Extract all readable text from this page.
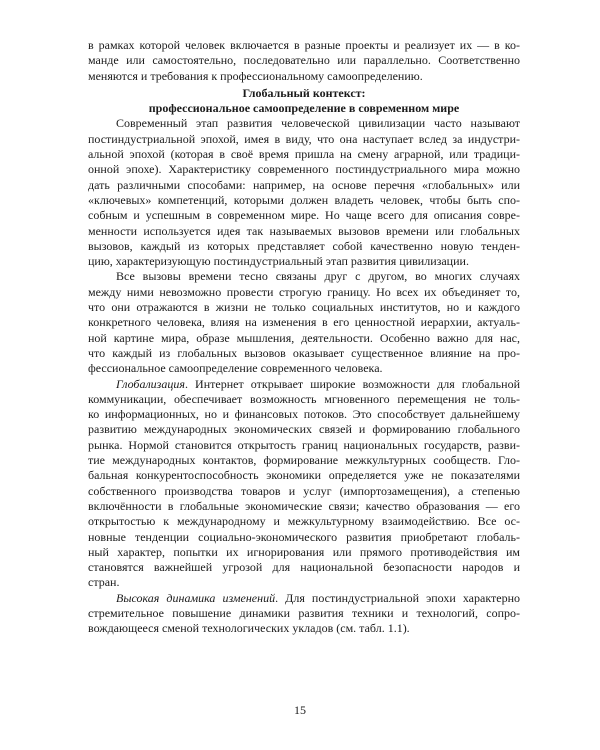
в рамках которой человек включается в разные проекты и реализует их — в ко-
манде или самостоятельно, последовательно или параллельно. Соответственно
меняются и требования к профессиональному самоопределению.
Глобальный контекст:
профессиональное самоопределение в современном мире
Современный этап развития человеческой цивилизации часто называют
постиндустриальной эпохой, имея в виду, что она наступает вслед за индустри-
альной эпохой (которая в своё время пришла на смену аграрной, или традици-
онной эпохе). Характеристику современного постиндустриального мира можно
дать различными способами: например, на основе перечня «глобальных» или
«ключевых» компетенций, которыми должен владеть человек, чтобы быть спо-
собным и успешным в современном мире. Но чаще всего для описания совре-
менности используется идея так называемых вызовов времени или глобальных
вызовов, каждый из которых представляет собой качественно новую тенден-
цию, характеризующую постиндустриальный этап развития цивилизации.
Все вызовы времени тесно связаны друг с другом, во многих случаях
между ними невозможно провести строгую границу. Но всех их объединяет то,
что они отражаются в жизни не только социальных институтов, но и каждого
конкретного человека, влияя на изменения в его ценностной иерархии, актуаль-
ной картине мира, образе мышления, деятельности. Особенно важно для нас,
что каждый из глобальных вызовов оказывает существенное влияние на про-
фессиональное самоопределение современного человека.
Глобализация. Интернет открывает широкие возможности для глобальной
коммуникации, обеспечивает возможность мгновенного перемещения не толь-
ко информационных, но и финансовых потоков. Это способствует дальнейшему
развитию международных экономических связей и формированию глобального
рынка. Нормой становится открытость границ национальных государств, разви-
тие международных контактов, формирование межкультурных сообществ. Гло-
бальная конкурентоспособность экономики определяется уже не показателями
собственного производства товаров и услуг (импортозамещения), а степенью
включённости в глобальные экономические связи; качество образования — его
открытостью к международному и межкультурному взаимодействию. Все ос-
новные тенденции социально-экономического развития приобретают глобаль-
ный характер, попытки их игнорирования или прямого противодействия им
становятся важнейшей угрозой для национальной безопасности народов и
стран.
Высокая динамика изменений. Для постиндустриальной эпохи характерно
стремительное повышение динамики развития техники и технологий, сопро-
вождающееся сменой технологических укладов (см. табл. 1.1).
15
